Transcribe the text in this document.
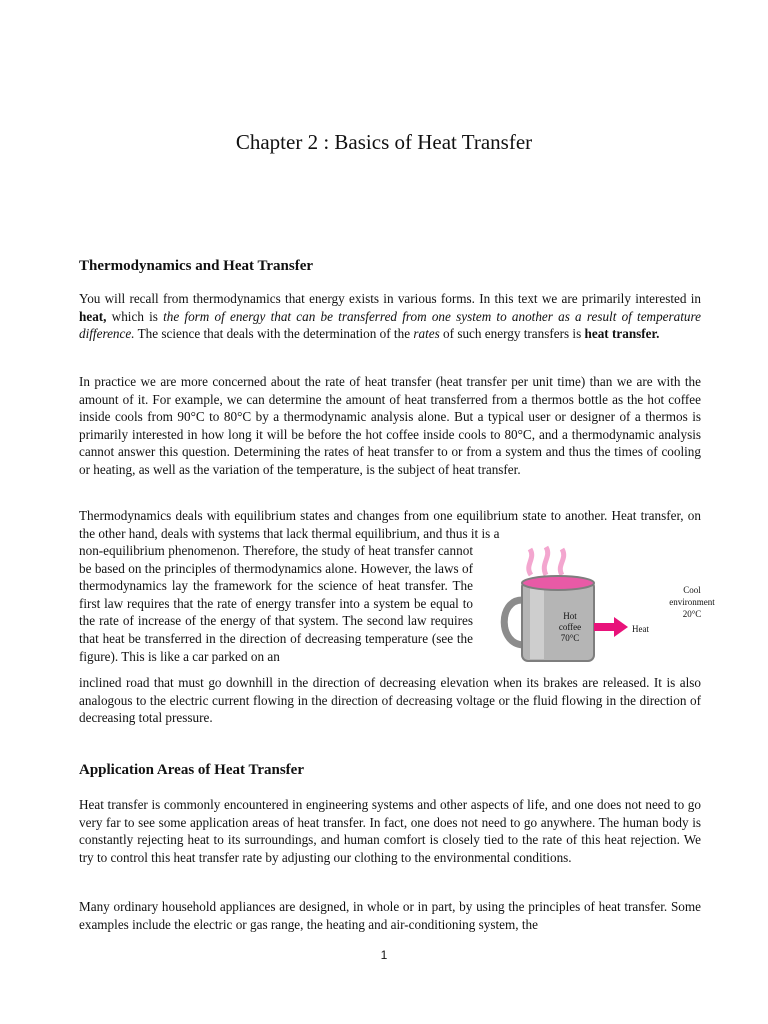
Chapter 2 : Basics of Heat Transfer
Thermodynamics and Heat Transfer
You will recall from thermodynamics that energy exists in various forms. In this text we are primarily interested in heat, which is the form of energy that can be transferred from one system to another as a result of temperature difference. The science that deals with the determination of the rates of such energy transfers is heat transfer.
In practice we are more concerned about the rate of heat transfer (heat transfer per unit time) than we are with the amount of it. For example, we can determine the amount of heat transferred from a thermos bottle as the hot coffee inside cools from 90°C to 80°C by a thermodynamic analysis alone. But a typical user or designer of a thermos is primarily interested in how long it will be before the hot coffee inside cools to 80°C, and a thermodynamic analysis cannot answer this question. Determining the rates of heat transfer to or from a system and thus the times of cooling or heating, as well as the variation of the temperature, is the subject of heat transfer.
Thermodynamics deals with equilibrium states and changes from one equilibrium state to another. Heat transfer, on the other hand, deals with systems that lack thermal equilibrium, and thus it is a
non-equilibrium phenomenon. Therefore, the study of heat transfer cannot be based on the principles of thermodynamics alone. However, the laws of thermodynamics lay the framework for the science of heat transfer. The first law requires that the rate of energy transfer into a system be equal to the rate of increase of the energy of that system. The second law requires that heat be transferred in the direction of decreasing temperature (see the figure). This is like a car parked on an
inclined road that must go downhill in the direction of decreasing elevation when its brakes are released. It is also analogous to the electric current flowing in the direction of decreasing voltage or the fluid flowing in the direction of decreasing total pressure.
Hot
coffee
70°C
Heat
Cool
environment
20°C
Application Areas of Heat Transfer
Heat transfer is commonly encountered in engineering systems and other aspects of life, and one does not need to go very far to see some application areas of heat transfer. In fact, one does not need to go anywhere. The human body is constantly rejecting heat to its surroundings, and human comfort is closely tied to the rate of this heat rejection. We try to control this heat transfer rate by adjusting our clothing to the environmental conditions.
Many ordinary household appliances are designed, in whole or in part, by using the principles of heat transfer. Some examples include the electric or gas range, the heating and air-conditioning system, the
1
